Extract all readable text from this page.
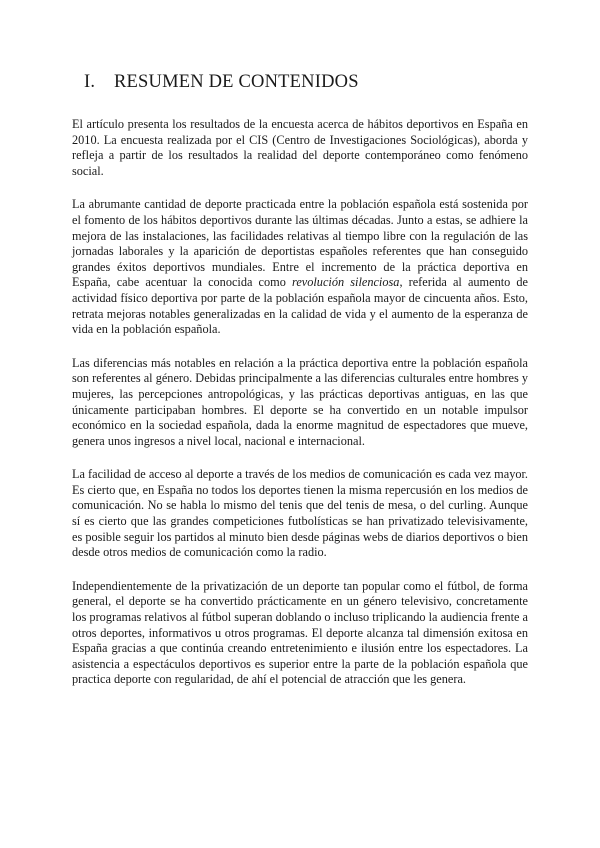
I.	RESUMEN DE CONTENIDOS

El artículo presenta los resultados de la encuesta acerca de hábitos deportivos en España en 2010. La encuesta realizada por el CIS (Centro de Investigaciones Sociológicas), aborda y refleja a partir de los resultados la realidad del deporte contemporáneo como fenómeno social.

La abrumante cantidad de deporte practicada entre la población española está sostenida por el fomento de los hábitos deportivos durante las últimas décadas. Junto a estas, se adhiere la mejora de las instalaciones, las facilidades relativas al tiempo libre con la regulación de las jornadas laborales y la aparición de deportistas españoles referentes que han conseguido grandes éxitos deportivos mundiales. Entre el incremento de la práctica deportiva en España, cabe acentuar la conocida como revolución silenciosa, referida al aumento de actividad físico deportiva por parte de la población española mayor de cincuenta años. Esto, retrata mejoras notables generalizadas en la calidad de vida y el aumento de la esperanza de vida en la población española.

Las diferencias más notables en relación a la práctica deportiva entre la población española son referentes al género. Debidas principalmente a las diferencias culturales entre hombres y mujeres, las percepciones antropológicas, y las prácticas deportivas antiguas, en las que únicamente participaban hombres. El deporte se ha convertido en un notable impulsor económico en la sociedad española, dada la enorme magnitud de espectadores que mueve, genera unos ingresos a nivel local, nacional e internacional.

La facilidad de acceso al deporte a través de los medios de comunicación es cada vez mayor. Es cierto que, en España no todos los deportes tienen la misma repercusión en los medios de comunicación. No se habla lo mismo del tenis que del tenis de mesa, o del curling. Aunque sí es cierto que las grandes competiciones futbolísticas se han privatizado televisivamente, es posible seguir los partidos al minuto bien desde páginas webs de diarios deportivos o bien desde otros medios de comunicación como la radio.

Independientemente de la privatización de un deporte tan popular como el fútbol, de forma general, el deporte se ha convertido prácticamente en un género televisivo, concretamente los programas relativos al fútbol superan doblando o incluso triplicando la audiencia frente a otros deportes, informativos u otros programas. El deporte alcanza tal dimensión exitosa en España gracias a que continúa creando entretenimiento e ilusión entre los espectadores. La asistencia a espectáculos deportivos es superior entre la parte de la población española que practica deporte con regularidad, de ahí el potencial de atracción que les genera.
